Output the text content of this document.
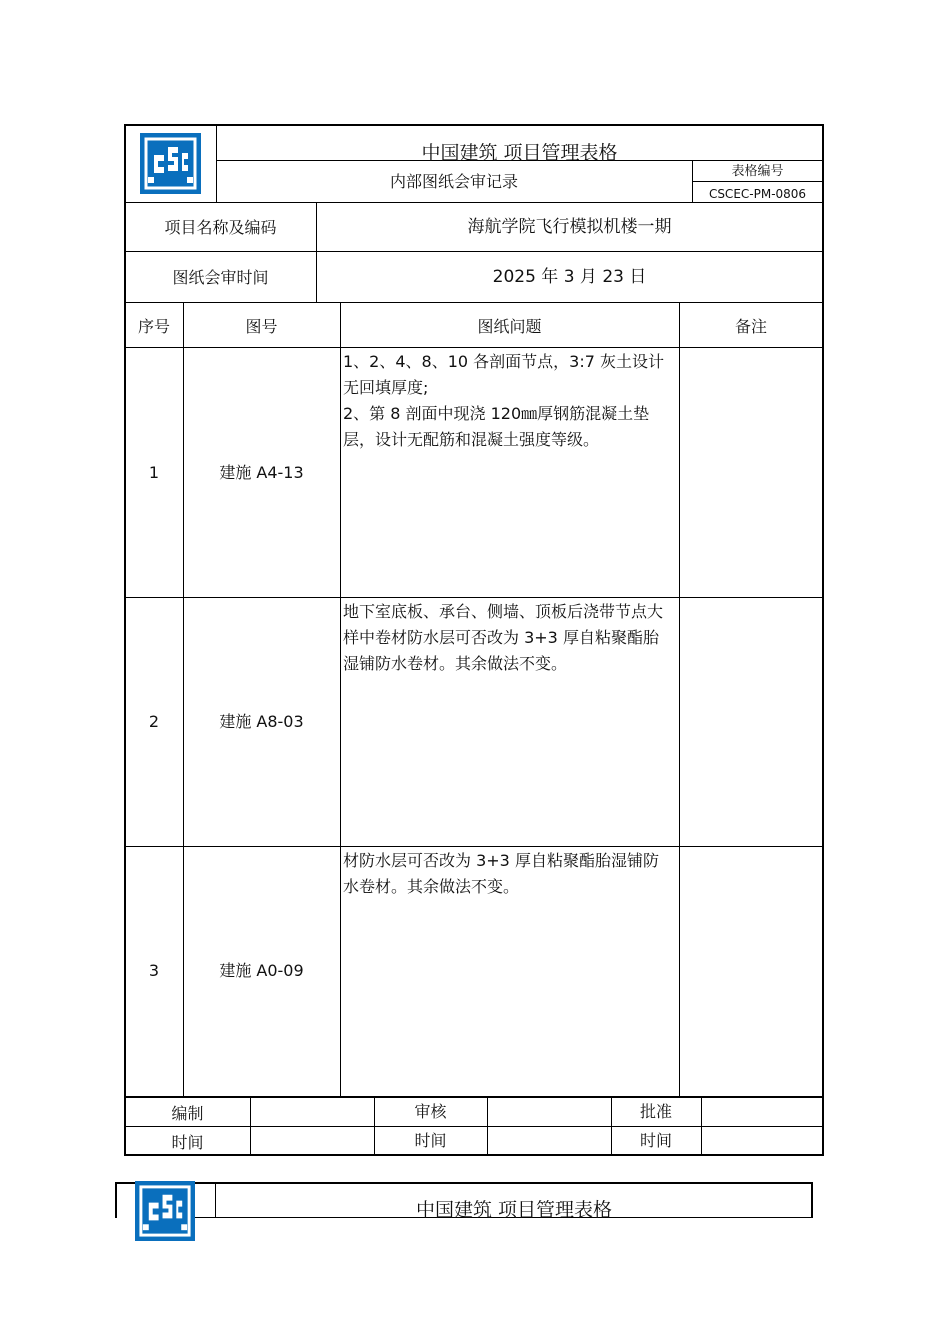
中国建筑 项目管理表格
内部图纸会审记录
表格编号
CSCEC-PM-0806
项目名称及编码	海航学院飞行模拟机楼一期
图纸会审时间	2025 年 3 月 23 日
序号	图号	图纸问题	备注
1	建施 A4-13
1、2、4、8、10 各剖面节点，3:7 灰土设计
无回填厚度;
2、第 8 剖面中现浇 120㎜厚钢筋混凝土垫
层，设计无配筋和混凝土强度等级。
2	建施 A8-03
地下室底板、承台、侧墙、顶板后浇带节点大
样中卷材防水层可否改为 3+3 厚自粘聚酯胎
湿铺防水卷材。其余做法不变。
3	建施 A0-09
材防水层可否改为 3+3 厚自粘聚酯胎湿铺防
水卷材。其余做法不变。
编制	审核	批准
时间	时间	时间
中国建筑 项目管理表格
